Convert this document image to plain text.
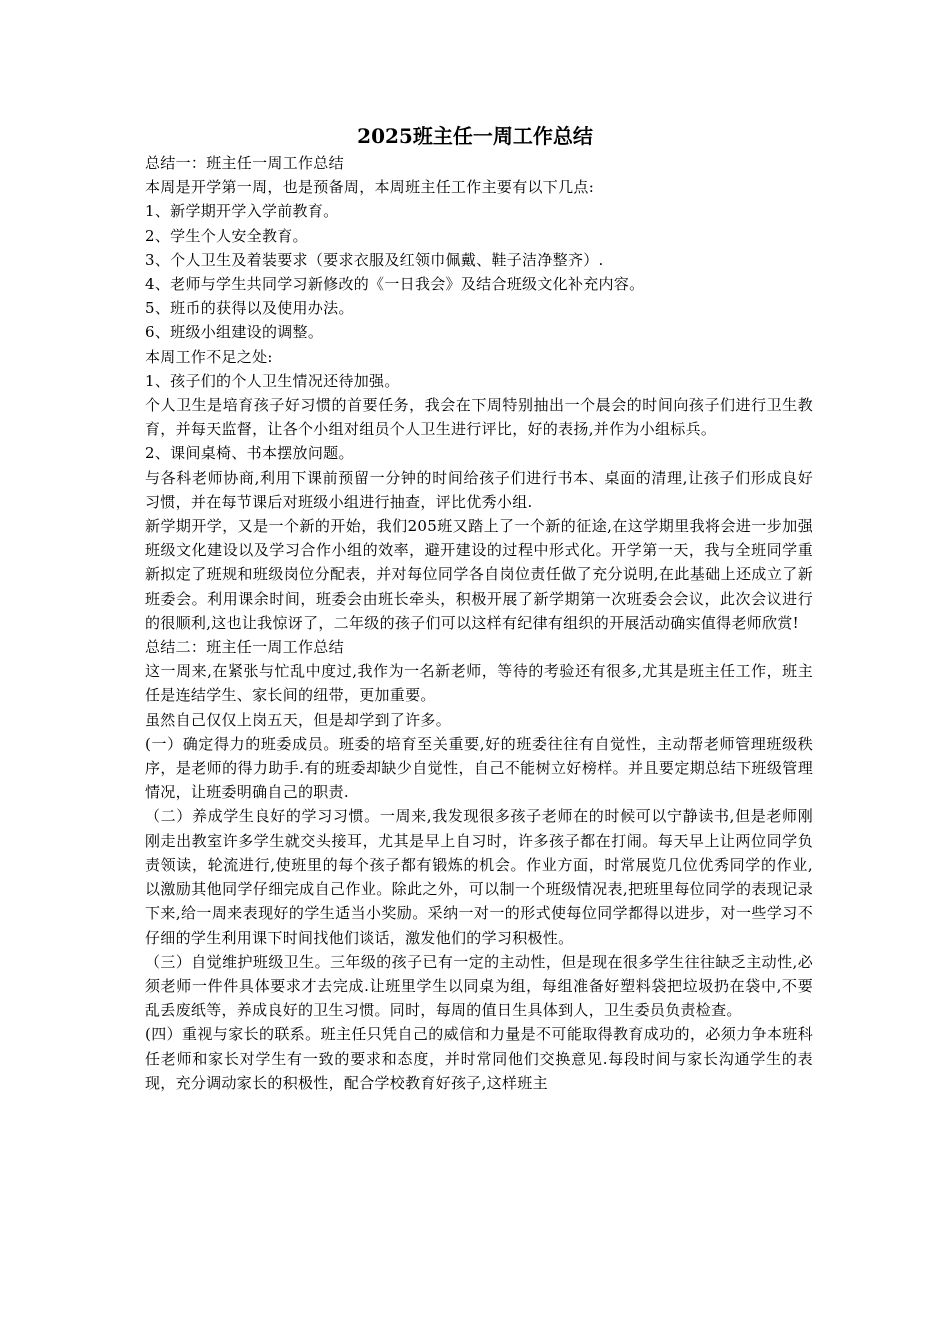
2025班主任一周工作总结

总结一：班主任一周工作总结

本周是开学第一周，也是预备周，本周班主任工作主要有以下几点:

1、新学期开学入学前教育。

2、学生个人安全教育。

3、个人卫生及着装要求（要求衣服及红领巾佩戴、鞋子洁净整齐）.

4、老师与学生共同学习新修改的《一日我会》及结合班级文化补充内容。

5、班币的获得以及使用办法。

6、班级小组建设的调整。

本周工作不足之处:

1、孩子们的个人卫生情况还待加强。

个人卫生是培育孩子好习惯的首要任务，我会在下周特别抽出一个晨会的时间向孩子们进行卫生教育，并每天监督，让各个小组对组员个人卫生进行评比，好的表扬,并作为小组标兵。

2、课间桌椅、书本摆放问题。

与各科老师协商,利用下课前预留一分钟的时间给孩子们进行书本、桌面的清理,让孩子们形成良好习惯，并在每节课后对班级小组进行抽查，评比优秀小组.

新学期开学，又是一个新的开始，我们205班又踏上了一个新的征途,在这学期里我将会进一步加强班级文化建设以及学习合作小组的效率，避开建设的过程中形式化。开学第一天，我与全班同学重新拟定了班规和班级岗位分配表，并对每位同学各自岗位责任做了充分说明,在此基础上还成立了新班委会。利用课余时间，班委会由班长牵头，积极开展了新学期第一次班委会会议，此次会议进行的很顺利,这也让我惊讶了，二年级的孩子们可以这样有纪律有组织的开展活动确实值得老师欣赏!

总结二：班主任一周工作总结

这一周来,在紧张与忙乱中度过,我作为一名新老师，等待的考验还有很多,尤其是班主任工作，班主任是连结学生、家长间的纽带，更加重要。

虽然自己仅仅上岗五天，但是却学到了许多。

(一）确定得力的班委成员。班委的培育至关重要,好的班委往往有自觉性，主动帮老师管理班级秩序，是老师的得力助手.有的班委却缺少自觉性，自己不能树立好榜样。并且要定期总结下班级管理情况，让班委明确自己的职责.

（二）养成学生良好的学习习惯。一周来,我发现很多孩子老师在的时候可以宁静读书,但是老师刚刚走出教室许多学生就交头接耳，尤其是早上自习时，许多孩子都在打闹。每天早上让两位同学负责领读，轮流进行,使班里的每个孩子都有锻炼的机会。作业方面，时常展览几位优秀同学的作业,以激励其他同学仔细完成自己作业。除此之外，可以制一个班级情况表,把班里每位同学的表现记录下来,给一周来表现好的学生适当小奖励。采纳一对一的形式使每位同学都得以进步，对一些学习不仔细的学生利用课下时间找他们谈话，激发他们的学习积极性。

（三）自觉维护班级卫生。三年级的孩子已有一定的主动性，但是现在很多学生往往缺乏主动性,必须老师一件件具体要求才去完成.让班里学生以同桌为组，每组准备好塑料袋把垃圾扔在袋中,不要乱丢废纸等，养成良好的卫生习惯。同时，每周的值日生具体到人，卫生委员负责检查。

(四）重视与家长的联系。班主任只凭自己的威信和力量是不可能取得教育成功的，必须力争本班科任老师和家长对学生有一致的要求和态度，并时常同他们交换意见.每段时间与家长沟通学生的表现，充分调动家长的积极性，配合学校教育好孩子,这样班主
